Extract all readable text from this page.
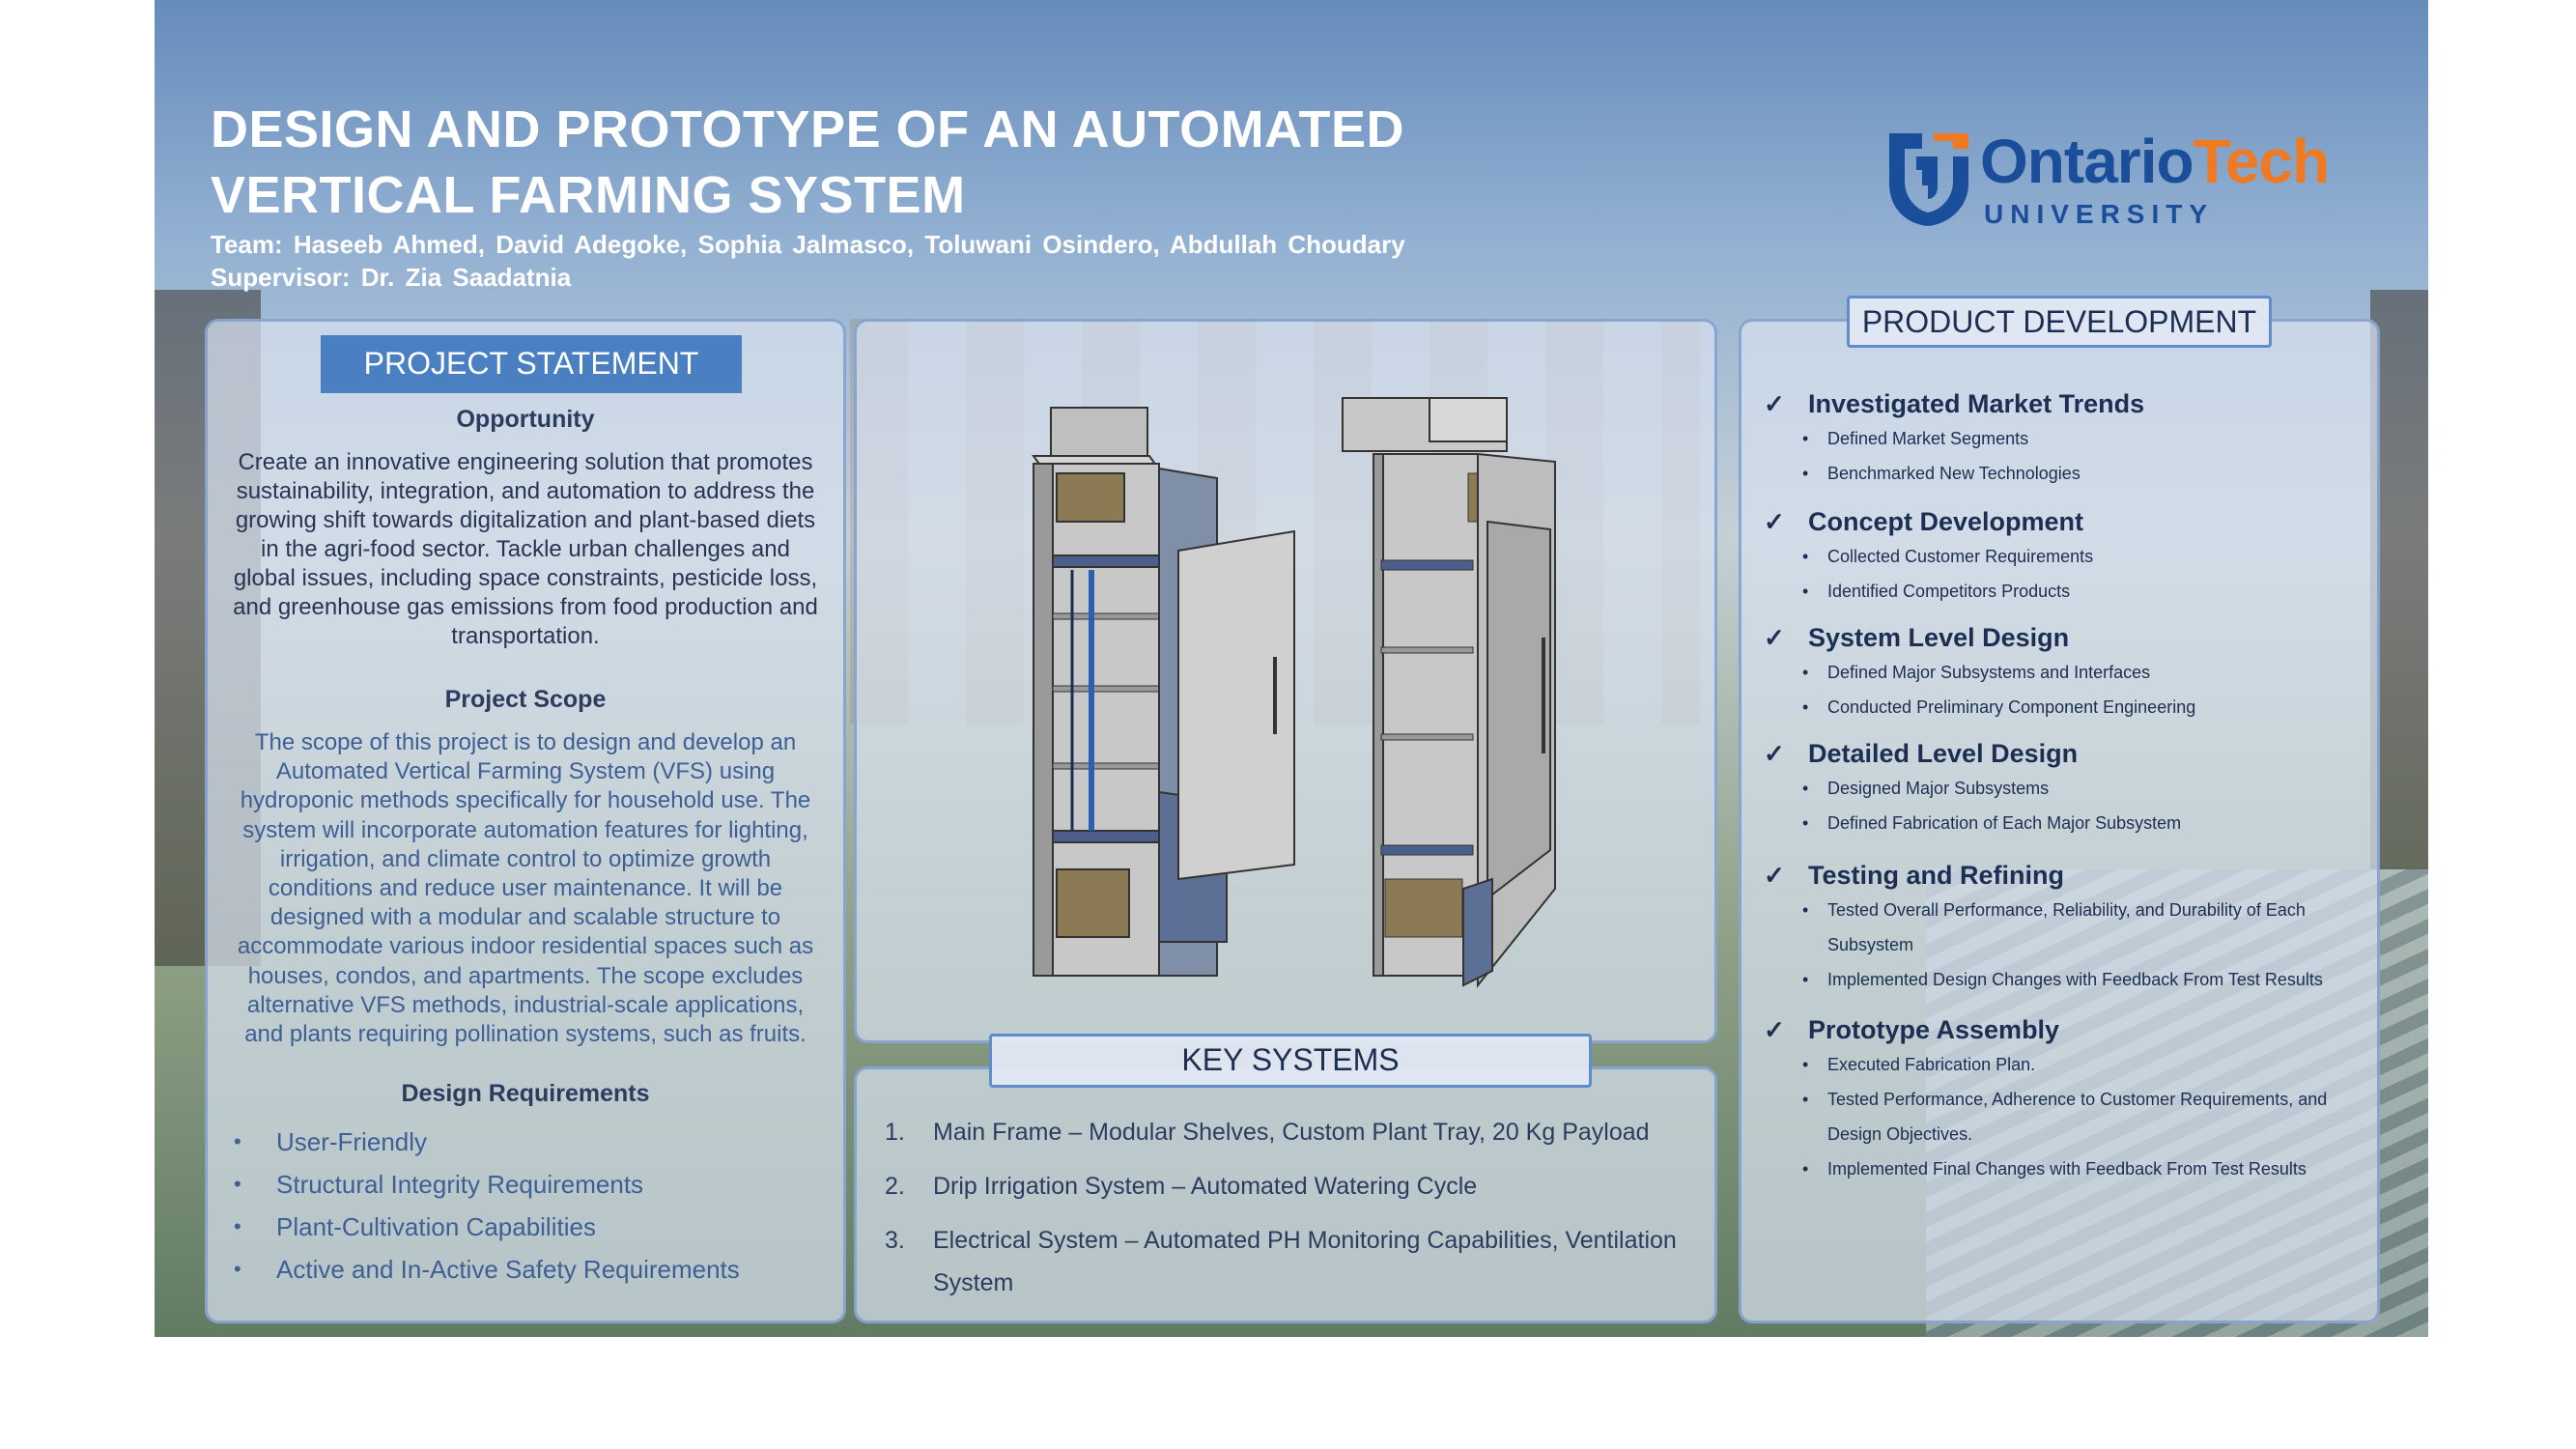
DESIGN AND PROTOTYPE OF AN AUTOMATED
VERTICAL FARMING SYSTEM
Team: Haseeb Ahmed, David Adegoke, Sophia Jalmasco, Toluwani Osindero, Abdullah Choudary
Supervisor: Dr. Zia Saadatnia
OntarioTech
UNIVERSITY
PROJECT STATEMENT
Opportunity
Create an innovative engineering solution that promotes sustainability, integration, and automation to address the growing shift towards digitalization and plant-based diets in the agri-food sector. Tackle urban challenges and global issues, including space constraints, pesticide loss, and greenhouse gas emissions from food production and transportation.
Project Scope
The scope of this project is to design and develop an Automated Vertical Farming System (VFS) using hydroponic methods specifically for household use. The system will incorporate automation features for lighting, irrigation, and climate control to optimize growth conditions and reduce user maintenance. It will be designed with a modular and scalable structure to accommodate various indoor residential spaces such as houses, condos, and apartments. The scope excludes alternative VFS methods, industrial-scale applications, and plants requiring pollination systems, such as fruits.
Design Requirements
• User-Friendly
• Structural Integrity Requirements
• Plant-Cultivation Capabilities
• Active and In-Active Safety Requirements
KEY SYSTEMS
1. Main Frame – Modular Shelves, Custom Plant Tray, 20 Kg Payload
2. Drip Irrigation System – Automated Watering Cycle
3. Electrical System – Automated PH Monitoring Capabilities, Ventilation System
PRODUCT DEVELOPMENT
✓ Investigated Market Trends
• Defined Market Segments
• Benchmarked New Technologies
✓ Concept Development
• Collected Customer Requirements
• Identified Competitors Products
✓ System Level Design
• Defined Major Subsystems and Interfaces
• Conducted Preliminary Component Engineering
✓ Detailed Level Design
• Designed Major Subsystems
• Defined Fabrication of Each Major Subsystem
✓ Testing and Refining
• Tested Overall Performance, Reliability, and Durability of Each Subsystem
• Implemented Design Changes with Feedback From Test Results
✓ Prototype Assembly
• Executed Fabrication Plan.
• Tested Performance, Adherence to Customer Requirements, and Design Objectives.
• Implemented Final Changes with Feedback From Test Results
